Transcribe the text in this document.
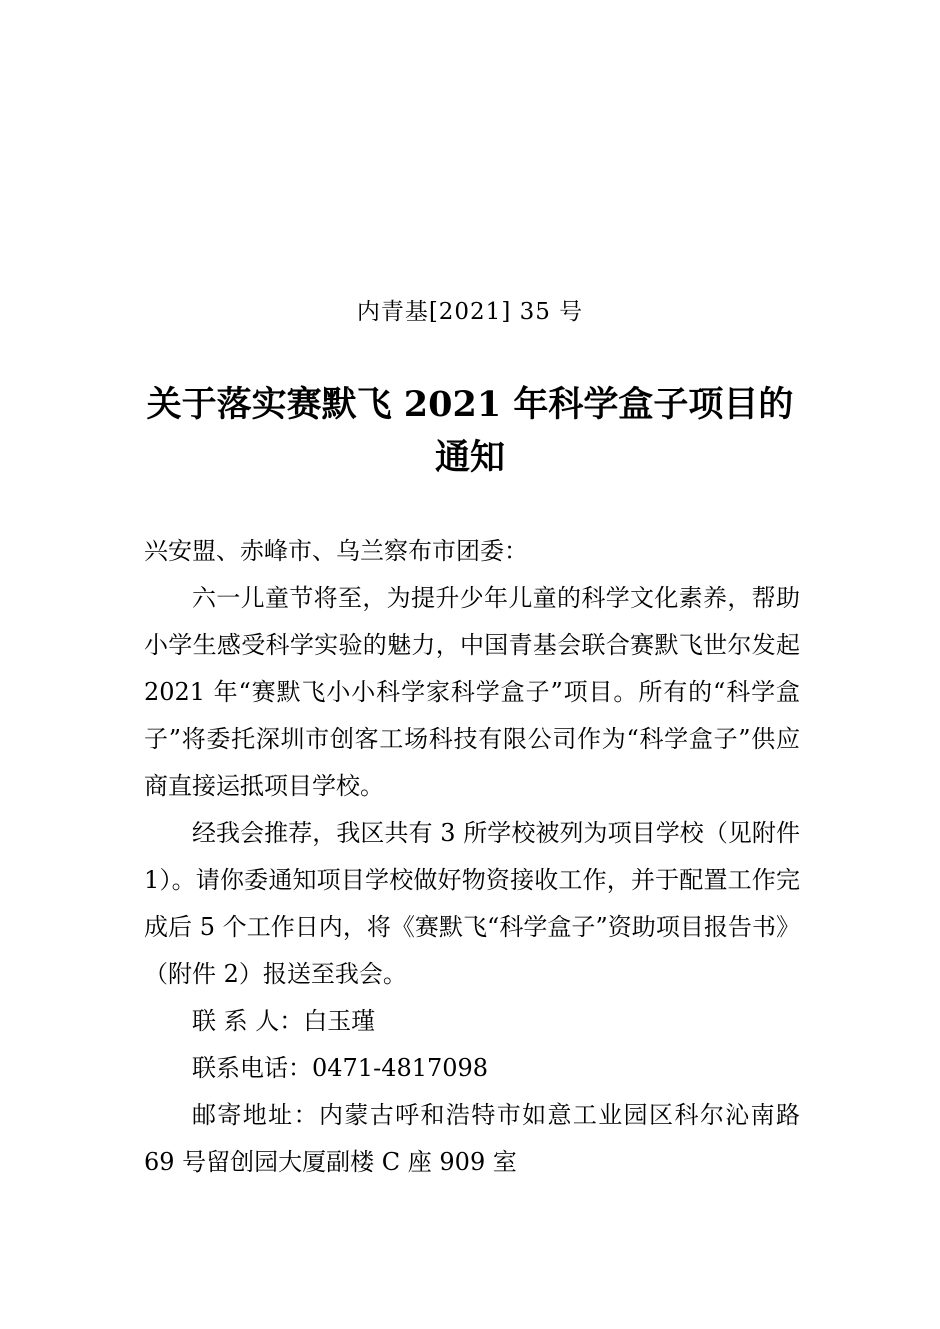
内青基[2021] 35 号
关于落实赛默飞 2021 年科学盒子项目的通知

兴安盟、赤峰市、乌兰察布市团委：

六一儿童节将至，为提升少年儿童的科学文化素养，帮助小学生感受科学实验的魅力，中国青基会联合赛默飞世尔发起 2021 年“赛默飞小小科学家科学盒子”项目。所有的“科学盒子”将委托深圳市创客工场科技有限公司作为“科学盒子”供应商直接运抵项目学校。

经我会推荐，我区共有 3 所学校被列为项目学校（见附件 1）。请你委通知项目学校做好物资接收工作，并于配置工作完成后 5 个工作日内，将《赛默飞“科学盒子”资助项目报告书》（附件 2）报送至我会。

联 系 人：白玉瑾

联系电话：0471-4817098

邮寄地址：内蒙古呼和浩特市如意工业园区科尔沁南路 69 号留创园大厦副楼 C 座 909 室
